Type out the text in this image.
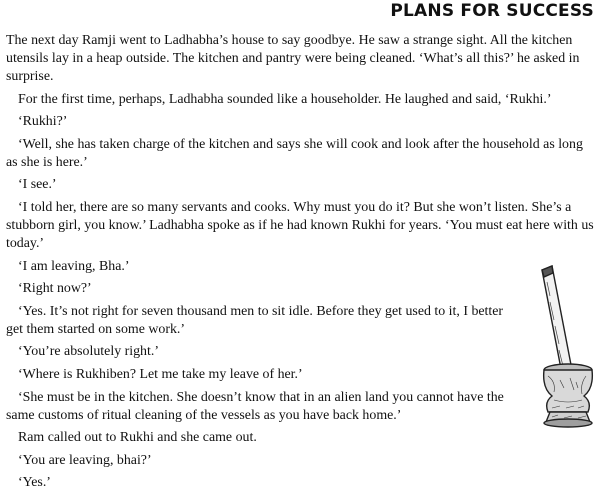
PLANS FOR SUCCESS

The next day Ramji went to Ladhabha’s house to say goodbye. He saw a strange sight. All the kitchen utensils lay in a heap outside. The kitchen and pantry were being cleaned. ‘What’s all this?’ he asked in surprise.

For the first time, perhaps, Ladhabha sounded like a householder. He laughed and said, ‘Rukhi.’

‘Rukhi?’

‘Well, she has taken charge of the kitchen and says she will cook and look after the household as long as she is here.’

‘I see.’

‘I told her, there are so many servants and cooks. Why must you do it? But she won’t listen. She’s a stubborn girl, you know.’ Ladhabha spoke as if he had known Rukhi for years. ‘You must eat here with us today.’

‘I am leaving, Bha.’

‘Right now?’

‘Yes. It’s not right for seven thousand men to sit idle. Before they get used to it, I better get them started on some work.’

‘You’re absolutely right.’

‘Where is Rukhiben? Let me take my leave of her.’

‘She must be in the kitchen. She doesn’t know that in an alien land you cannot have the same customs of ritual cleaning of the vessels as you have back home.’

Ram called out to Rukhi and she came out.

‘You are leaving, bhai?’

‘Yes.’
